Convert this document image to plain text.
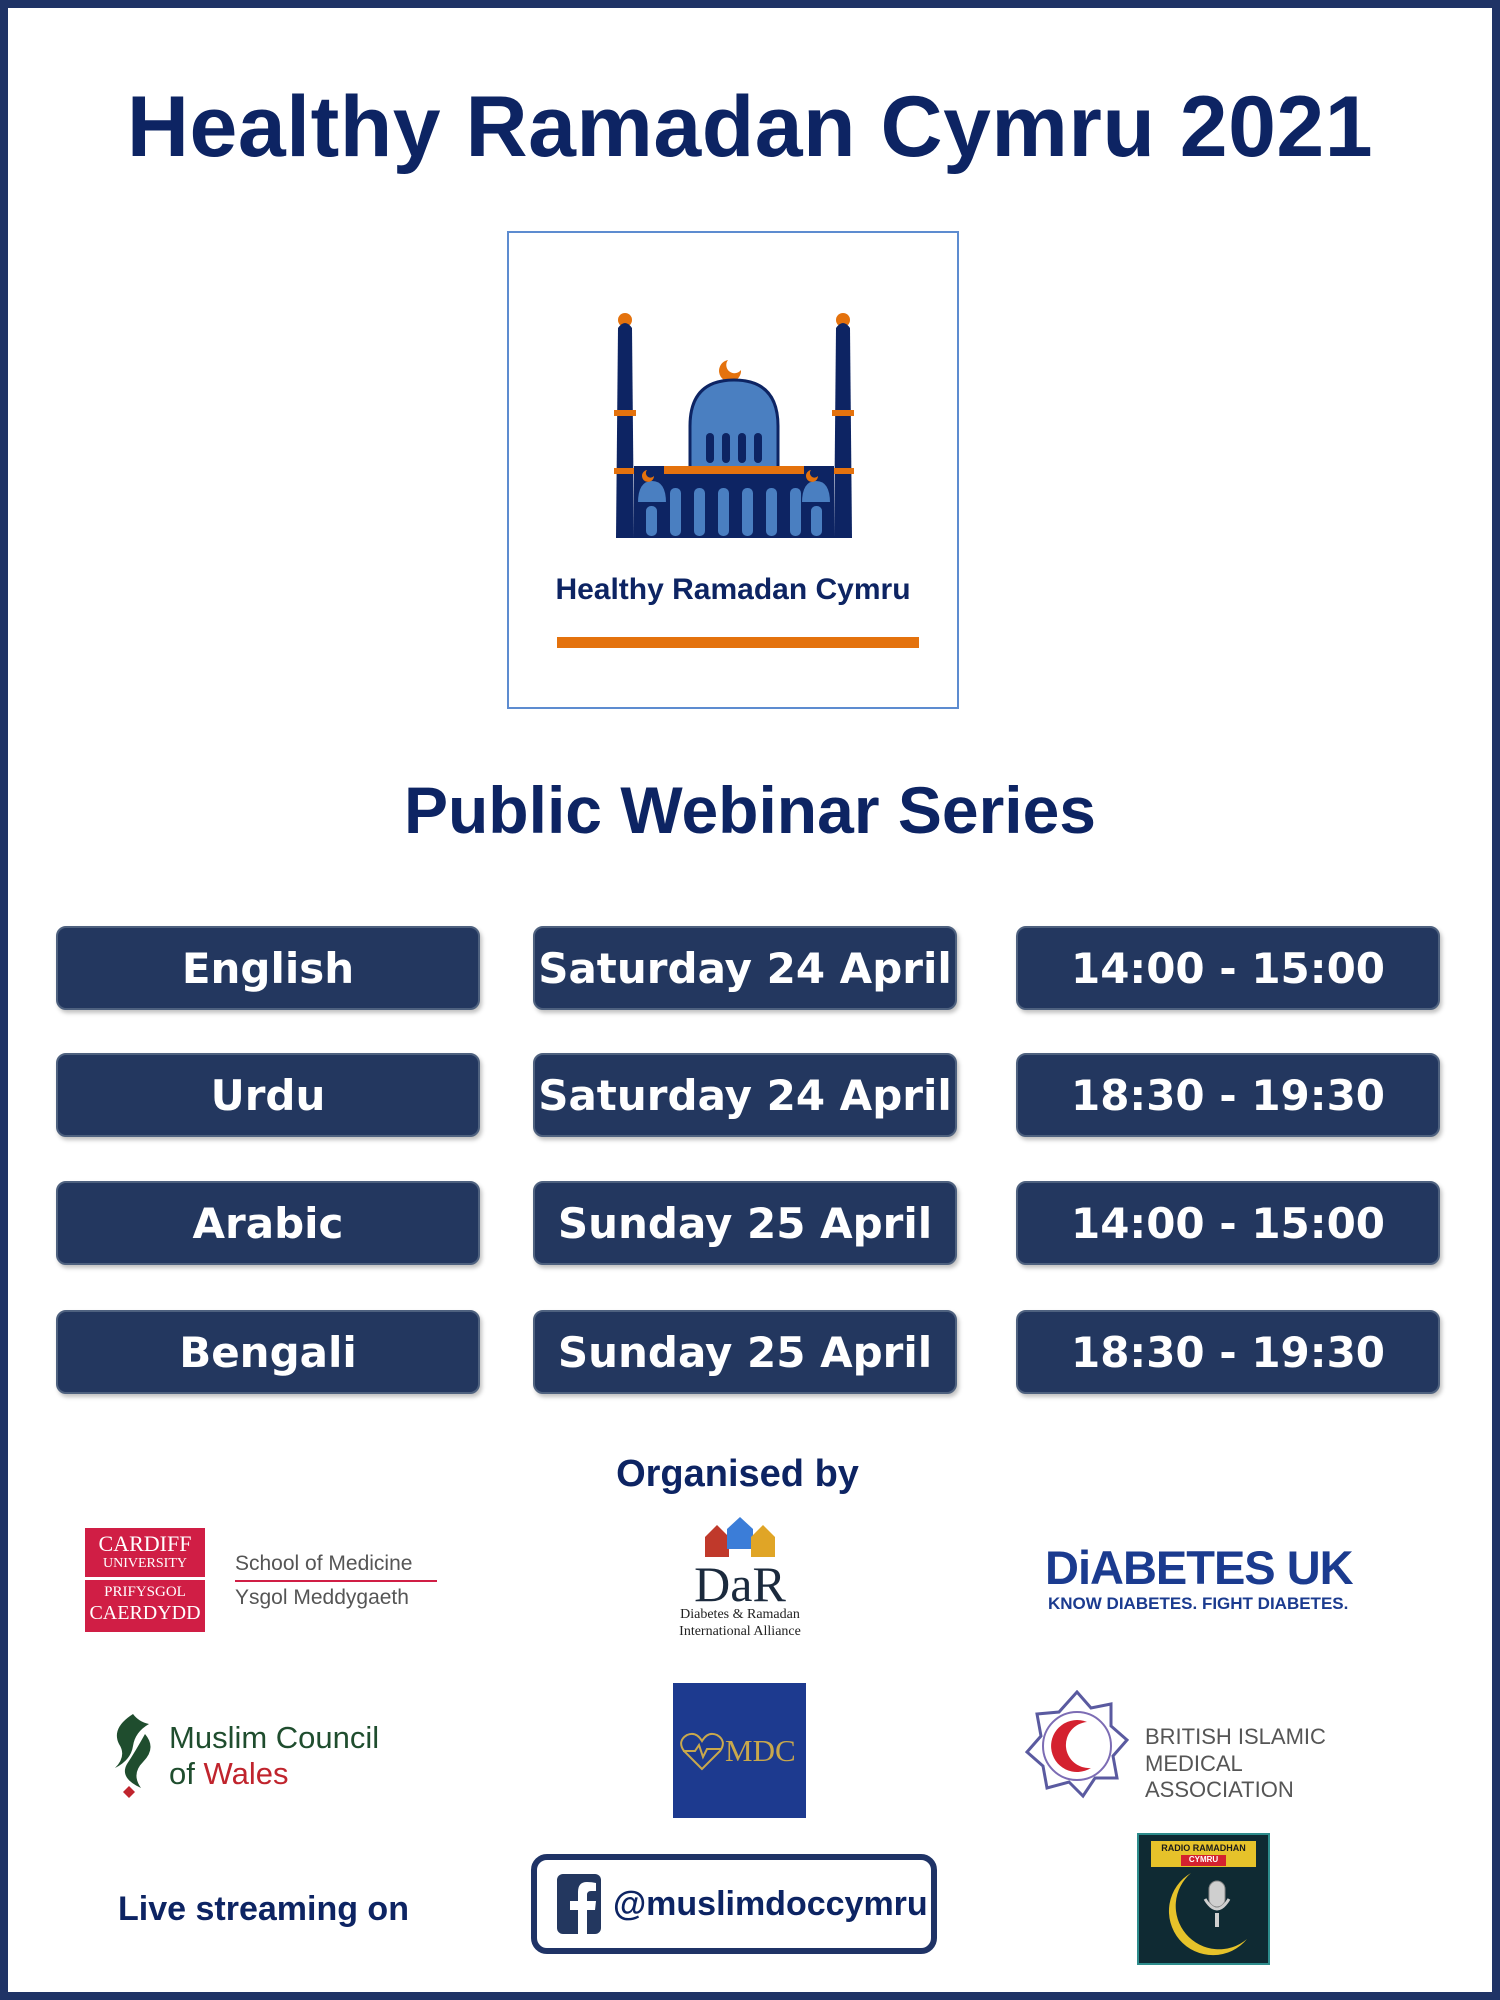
Healthy Ramadan Cymru 2021
Healthy Ramadan Cymru
Public Webinar Series
English	Saturday 24 April	14:00 - 15:00
Urdu	Saturday 24 April	18:30 - 19:30
Arabic	Sunday 25 April	14:00 - 15:00
Bengali	Sunday 25 April	18:30 - 19:30
Organised by
CARDIFF
UNIVERSITY
PRIFYSGOL
CAERDYDD
School of Medicine
Ysgol Meddygaeth	DaR
Diabetes & Ramadan
International Alliance
DiABETES UK
KNOW DIABETES. FIGHT DIABETES.
Muslim Council
of Wales
MDC	BRITISH ISLAMIC
MEDICAL ASSOCIATION
Live streaming on	@muslimdoccymru
RADIO RAMADHAN
CYMRU
